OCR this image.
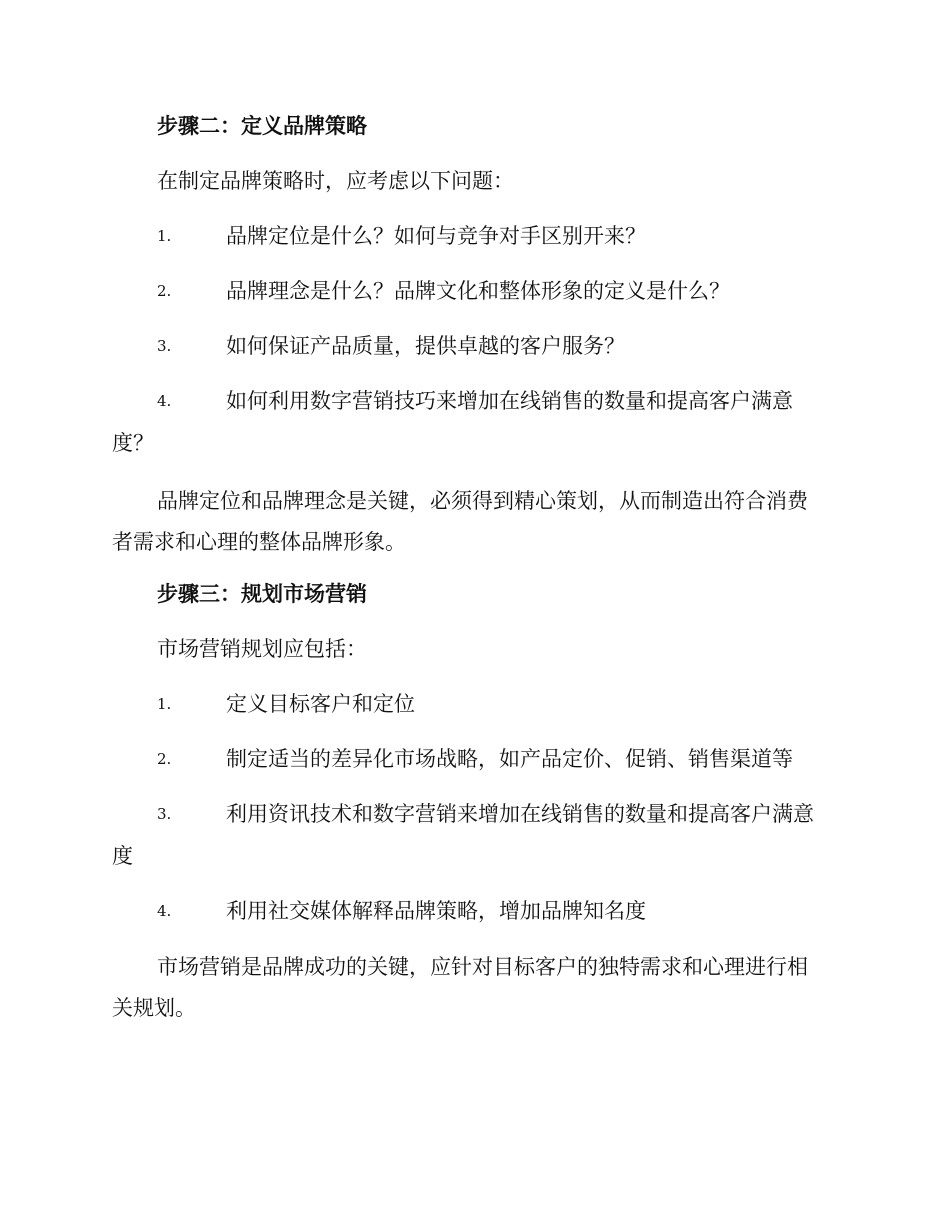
步骤二：定义品牌策略
在制定品牌策略时，应考虑以下问题：
1.	品牌定位是什么？如何与竞争对手区别开来？
2.	品牌理念是什么？品牌文化和整体形象的定义是什么？
3.	如何保证产品质量，提供卓越的客户服务？
4.	如何利用数字营销技巧来增加在线销售的数量和提高客户满意
度？
品牌定位和品牌理念是关键，必须得到精心策划，从而制造出符合消费
者需求和心理的整体品牌形象。
步骤三：规划市场营销
市场营销规划应包括：
1.	定义目标客户和定位
2.	制定适当的差异化市场战略，如产品定价、促销、销售渠道等
3.	利用资讯技术和数字营销来增加在线销售的数量和提高客户满意
度
4.	利用社交媒体解释品牌策略，增加品牌知名度
市场营销是品牌成功的关键，应针对目标客户的独特需求和心理进行相
关规划。
